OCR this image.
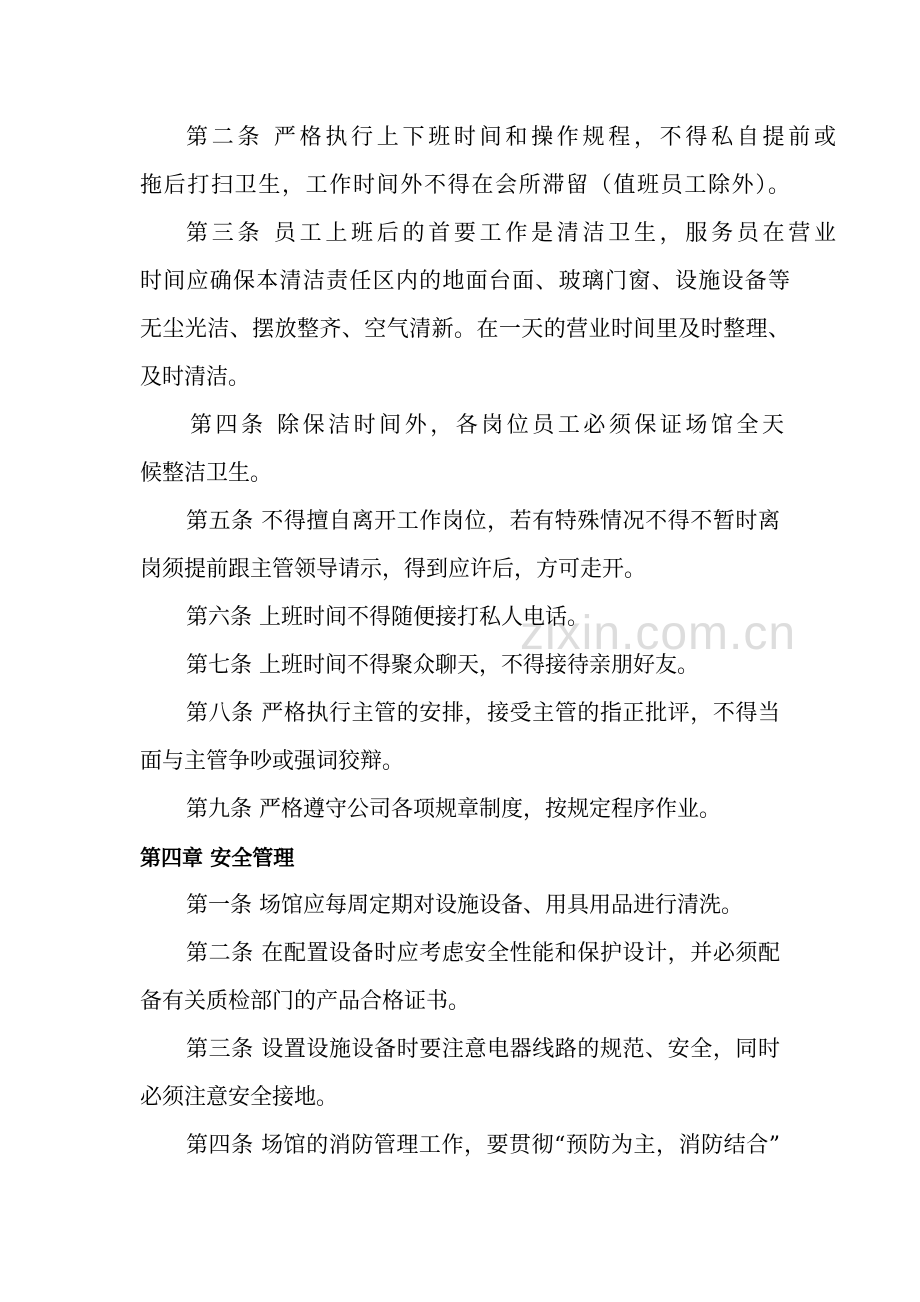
zixin.com.cn
第二条 严格执行上下班时间和操作规程，不得私自提前或
拖后打扫卫生，工作时间外不得在会所滞留（值班员工除外）。
第三条 员工上班后的首要工作是清洁卫生，服务员在营业
时间应确保本清洁责任区内的地面台面、玻璃门窗、设施设备等
无尘光洁、摆放整齐、空气清新。在一天的营业时间里及时整理、
及时清洁。
第四条 除保洁时间外，各岗位员工必须保证场馆全天
候整洁卫生。
第五条 不得擅自离开工作岗位，若有特殊情况不得不暂时离
岗须提前跟主管领导请示，得到应许后，方可走开。
第六条 上班时间不得随便接打私人电话。
第七条 上班时间不得聚众聊天，不得接待亲朋好友。
第八条 严格执行主管的安排，接受主管的指正批评，不得当
面与主管争吵或强词狡辩。
第九条 严格遵守公司各项规章制度，按规定程序作业。
第四章 安全管理
第一条 场馆应每周定期对设施设备、用具用品进行清洗。
第二条 在配置设备时应考虑安全性能和保护设计，并必须配
备有关质检部门的产品合格证书。
第三条 设置设施设备时要注意电器线路的规范、安全，同时
必须注意安全接地。
第四条 场馆的消防管理工作，要贯彻“预防为主，消防结合”
